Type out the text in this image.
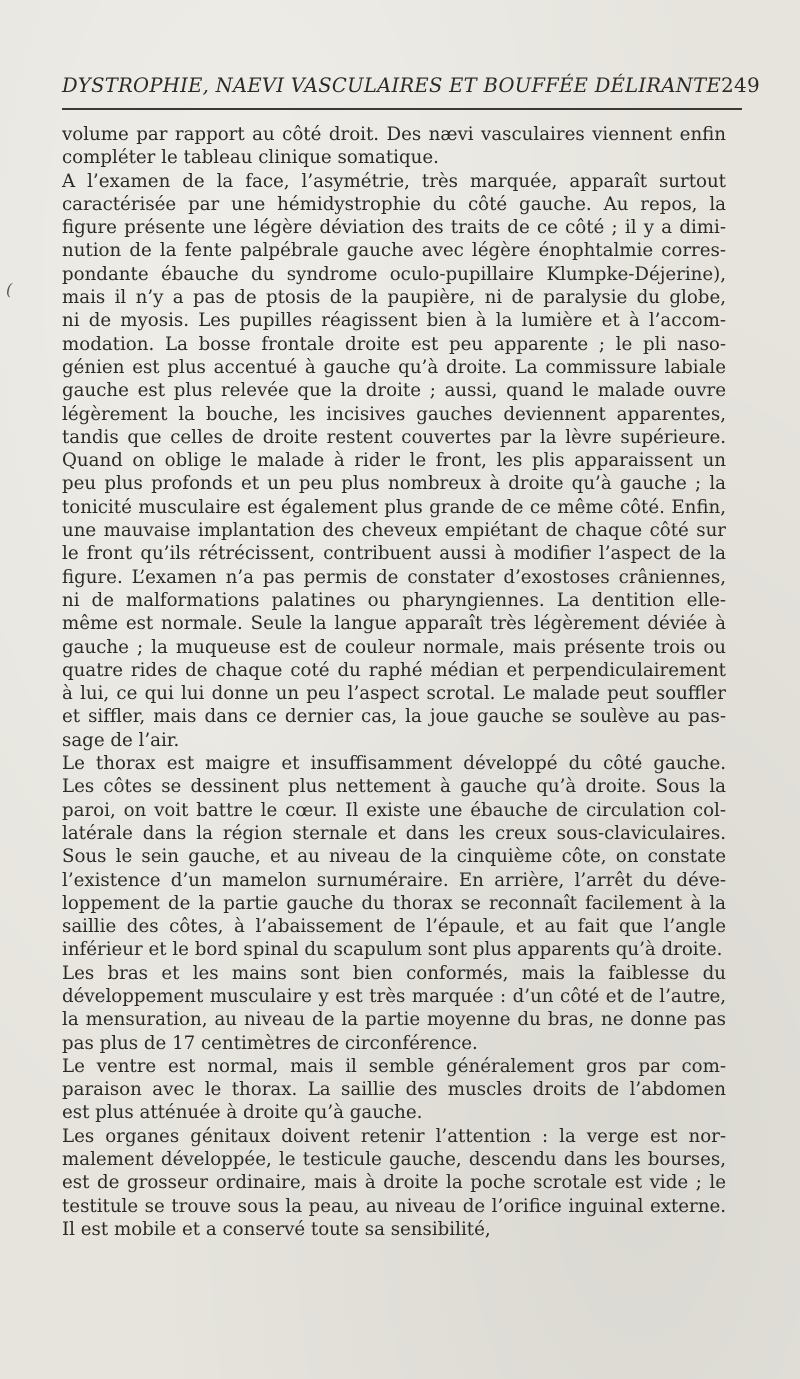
DYSTROPHIE, NAEVI VASCULAIRES ET BOUFFÉE DÉLIRANTE 249
(
volume par rapport au côté droit. Des nævi vasculaires viennent enfin
compléter le tableau clinique somatique.
A l’examen de la face, l’asymétrie, très marquée, apparaît surtout
caractérisée par une hémidystrophie du côté gauche. Au repos, la
figure présente une légère déviation des traits de ce côté ; il y a dimi-
nution de la fente palpébrale gauche avec légère énophtalmie corres-
pondante ébauche du syndrome oculo-pupillaire Klumpke-Déjerine),
mais il n’y a pas de ptosis de la paupière, ni de paralysie du globe,
ni de myosis. Les pupilles réagissent bien à la lumière et à l’accom-
modation. La bosse frontale droite est peu apparente ; le pli naso-
génien est plus accentué à gauche qu’à droite. La commissure labiale
gauche est plus relevée que la droite ; aussi, quand le malade ouvre
légèrement la bouche, les incisives gauches deviennent apparentes,
tandis que celles de droite restent couvertes par la lèvre supérieure.
Quand on oblige le malade à rider le front, les plis apparaissent un
peu plus profonds et un peu plus nombreux à droite qu’à gauche ; la
tonicité musculaire est également plus grande de ce même côté. Enfin,
une mauvaise implantation des cheveux empiétant de chaque côté sur
le front qu’ils rétrécissent, contribuent aussi à modifier l’aspect de la
figure. L’examen n’a pas permis de constater d’exostoses crâniennes,
ni de malformations palatines ou pharyngiennes. La dentition elle-
même est normale. Seule la langue apparaît très légèrement déviée à
gauche ; la muqueuse est de couleur normale, mais présente trois ou
quatre rides de chaque coté du raphé médian et perpendiculairement
à lui, ce qui lui donne un peu l’aspect scrotal. Le malade peut souffler
et siffler, mais dans ce dernier cas, la joue gauche se soulève au pas-
sage de l’air.
Le thorax est maigre et insuffisamment développé du côté gauche.
Les côtes se dessinent plus nettement à gauche qu’à droite. Sous la
paroi, on voit battre le cœur. Il existe une ébauche de circulation col-
latérale dans la région sternale et dans les creux sous-claviculaires.
Sous le sein gauche, et au niveau de la cinquième côte, on constate
l’existence d’un mamelon surnuméraire. En arrière, l’arrêt du déve-
loppement de la partie gauche du thorax se reconnaît facilement à la
saillie des côtes, à l’abaissement de l’épaule, et au fait que l’angle
inférieur et le bord spinal du scapulum sont plus apparents qu’à droite.
Les bras et les mains sont bien conformés, mais la faiblesse du
développement musculaire y est très marquée : d’un côté et de l’autre,
la mensuration, au niveau de la partie moyenne du bras, ne donne pas
pas plus de 17 centimètres de circonférence.
Le ventre est normal, mais il semble généralement gros par com-
paraison avec le thorax. La saillie des muscles droits de l’abdomen
est plus atténuée à droite qu’à gauche.
Les organes génitaux doivent retenir l’attention : la verge est nor-
malement développée, le testicule gauche, descendu dans les bourses,
est de grosseur ordinaire, mais à droite la poche scrotale est vide ; le
testitule se trouve sous la peau, au niveau de l’orifice inguinal externe.
Il est mobile et a conservé toute sa sensibilité,
